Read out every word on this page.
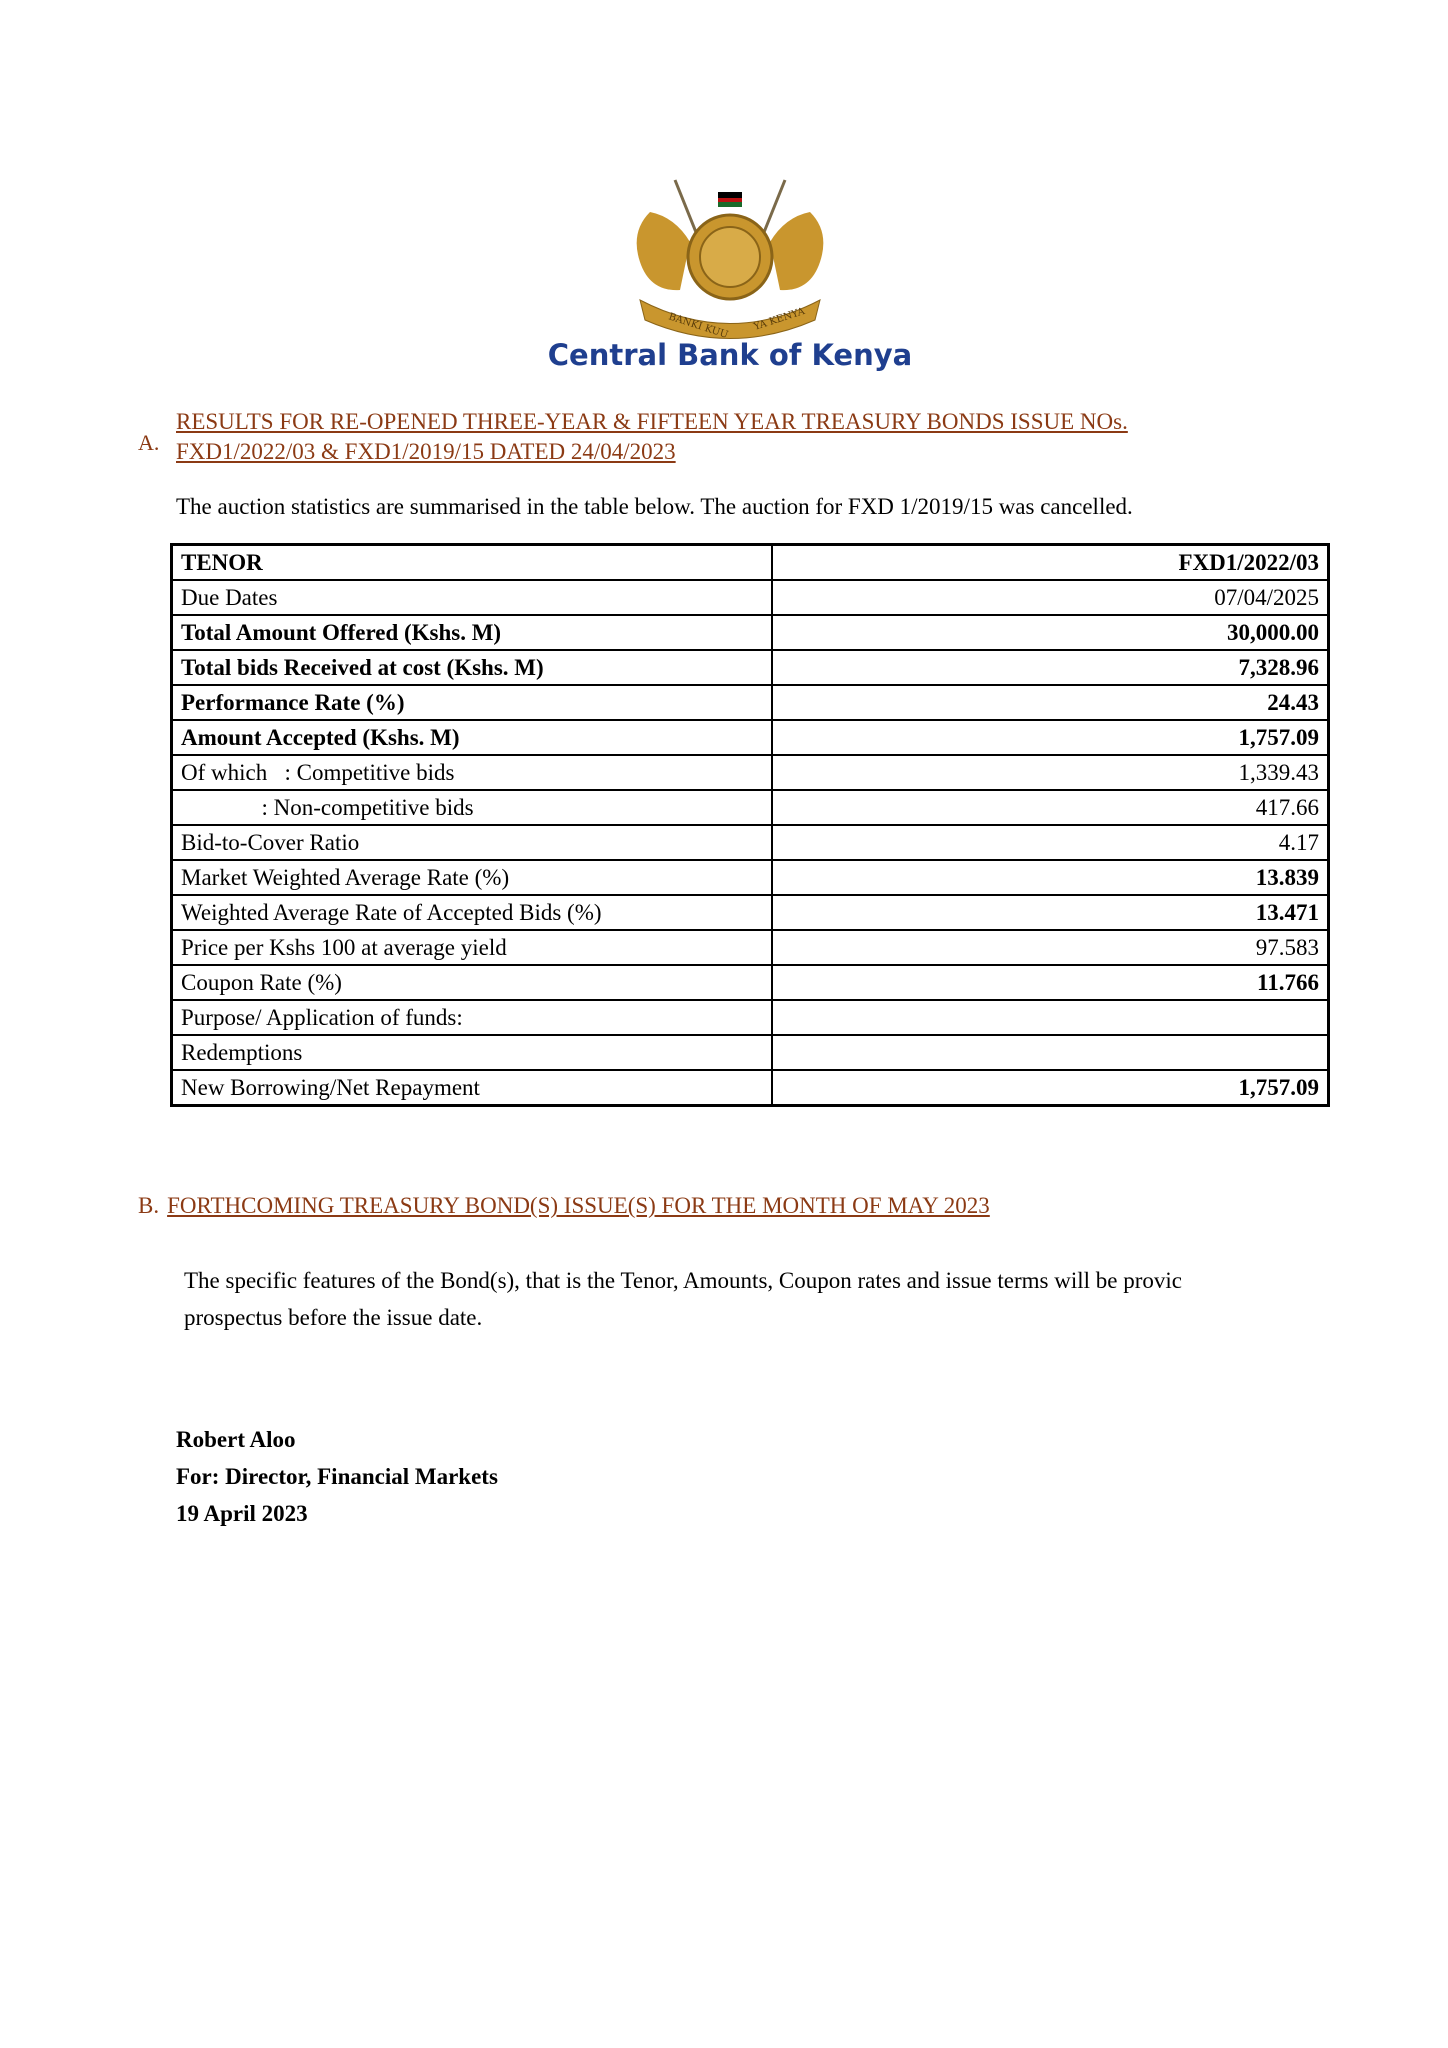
BANKI KUU YA KENYA
Central Bank of Kenya
A.
RESULTS FOR RE-OPENED THREE-YEAR & FIFTEEN YEAR TREASURY BONDS ISSUE NOs.
FXD1/2022/03 & FXD1/2019/15 DATED 24/04/2023
The auction statistics are summarised in the table below. The auction for FXD 1/2019/15 was cancelled.
TENOR	FXD1/2022/03
Due Dates	07/04/2025
Total Amount Offered (Kshs. M)	30,000.00
Total bids Received at cost (Kshs. M)	7,328.96
Performance Rate (%)	24.43
Amount Accepted (Kshs. M)	1,757.09
Of which   : Competitive bids	1,339.43
: Non-competitive bids	417.66
Bid-to-Cover Ratio	4.17
Market Weighted Average Rate (%)	13.839
Weighted Average Rate of Accepted Bids (%)	13.471
Price per Kshs 100 at average yield	97.583
Coupon Rate (%)	11.766
Purpose/ Application of funds:	
Redemptions	
New Borrowing/Net Repayment	1,757.09
B. FORTHCOMING TREASURY BOND(S) ISSUE(S) FOR THE MONTH OF MAY 2023
The specific features of the Bond(s), that is the Tenor, Amounts, Coupon rates and issue terms will be provic
prospectus before the issue date.
Robert Aloo
For: Director, Financial Markets
19 April 2023
